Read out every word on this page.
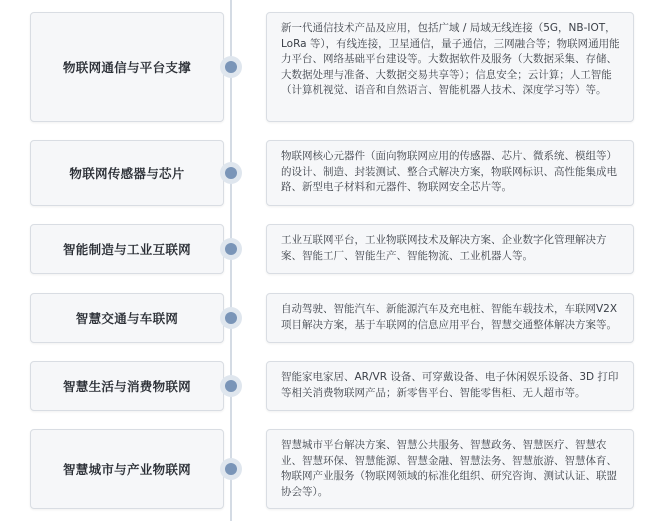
物联网通信与平台支撑

新一代通信技术产品及应用，包括广域 / 局域无线连接（5G，NB-IOT，LoRa 等），有线连接，卫星通信，量子通信，三网融合等；物联网通用能力平台、网络基础平台建设等。大数据软件及服务（大数据采集、存储、大数据处理与准备、大数据交易共享等）；信息安全；云计算；人工智能（计算机视觉、语音和自然语言、智能机器人技术、深度学习等）等。

物联网传感器与芯片

物联网核心元器件（面向物联网应用的传感器、芯片、微系统、模组等）的设计、制造、封装测试、整合式解决方案，物联网标识、高性能集成电路、新型电子材料和元器件、物联网安全芯片等。

智能制造与工业互联网

工业互联网平台，工业物联网技术及解决方案、企业数字化管理解决方案、智能工厂、智能生产、智能物流、工业机器人等。

智慧交通与车联网

自动驾驶、智能汽车、新能源汽车及充电桩、智能车载技术，车联网V2X项目解决方案，基于车联网的信息应用平台，智慧交通整体解决方案等。

智慧生活与消费物联网

智能家电家居、AR/VR 设备、可穿戴设备、电子休闲娱乐设备、3D 打印等相关消费物联网产品；新零售平台、智能零售柜、无人超市等。

智慧城市与产业物联网

智慧城市平台解决方案、智慧公共服务、智慧政务、智慧医疗、智慧农业、智慧环保、智慧能源、智慧金融、智慧法务、智慧旅游、智慧体育、物联网产业服务（物联网领域的标准化组织、研究咨询、测试认证、联盟协会等）。
